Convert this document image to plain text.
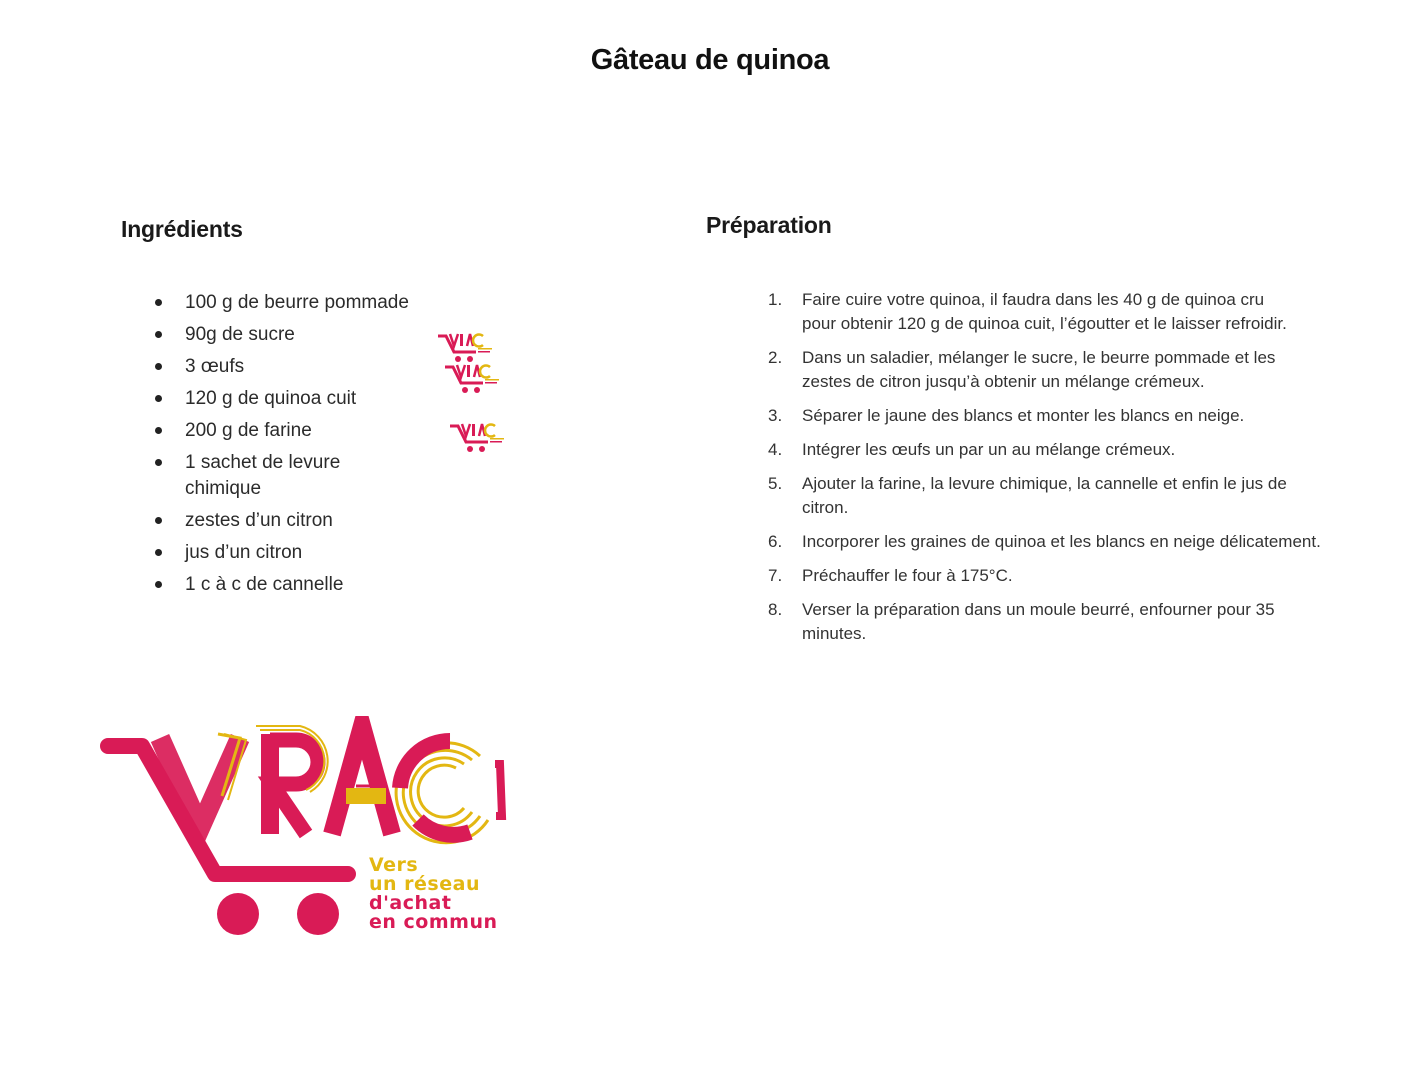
Gâteau de quinoa
Ingrédients
100 g de beurre pommade
90g de sucre
3 œufs
120 g de quinoa cuit
200 g de farine
1 sachet de levure chimique
zestes d’un citron
jus d’un citron
1 c à c de cannelle
Préparation
1. Faire cuire votre quinoa, il faudra dans les 40 g de quinoa cru pour obtenir 120 g de quinoa cuit, l’égoutter et le laisser refroidir.
2. Dans un saladier, mélanger le sucre, le beurre pommade et les zestes de citron jusqu’à obtenir un mélange crémeux.
3. Séparer le jaune des blancs et monter les blancs en neige.
4. Intégrer les œufs un par un au mélange crémeux.
5. Ajouter la farine, la levure chimique, la cannelle et enfin le jus de citron.
6. Incorporer les graines de quinoa et les blancs en neige délicatement.
7. Préchauffer le four à 175°C.
8. Verser la préparation dans un moule beurré, enfourner pour 35 minutes.
Vers
un réseau
d'achat
en commun
